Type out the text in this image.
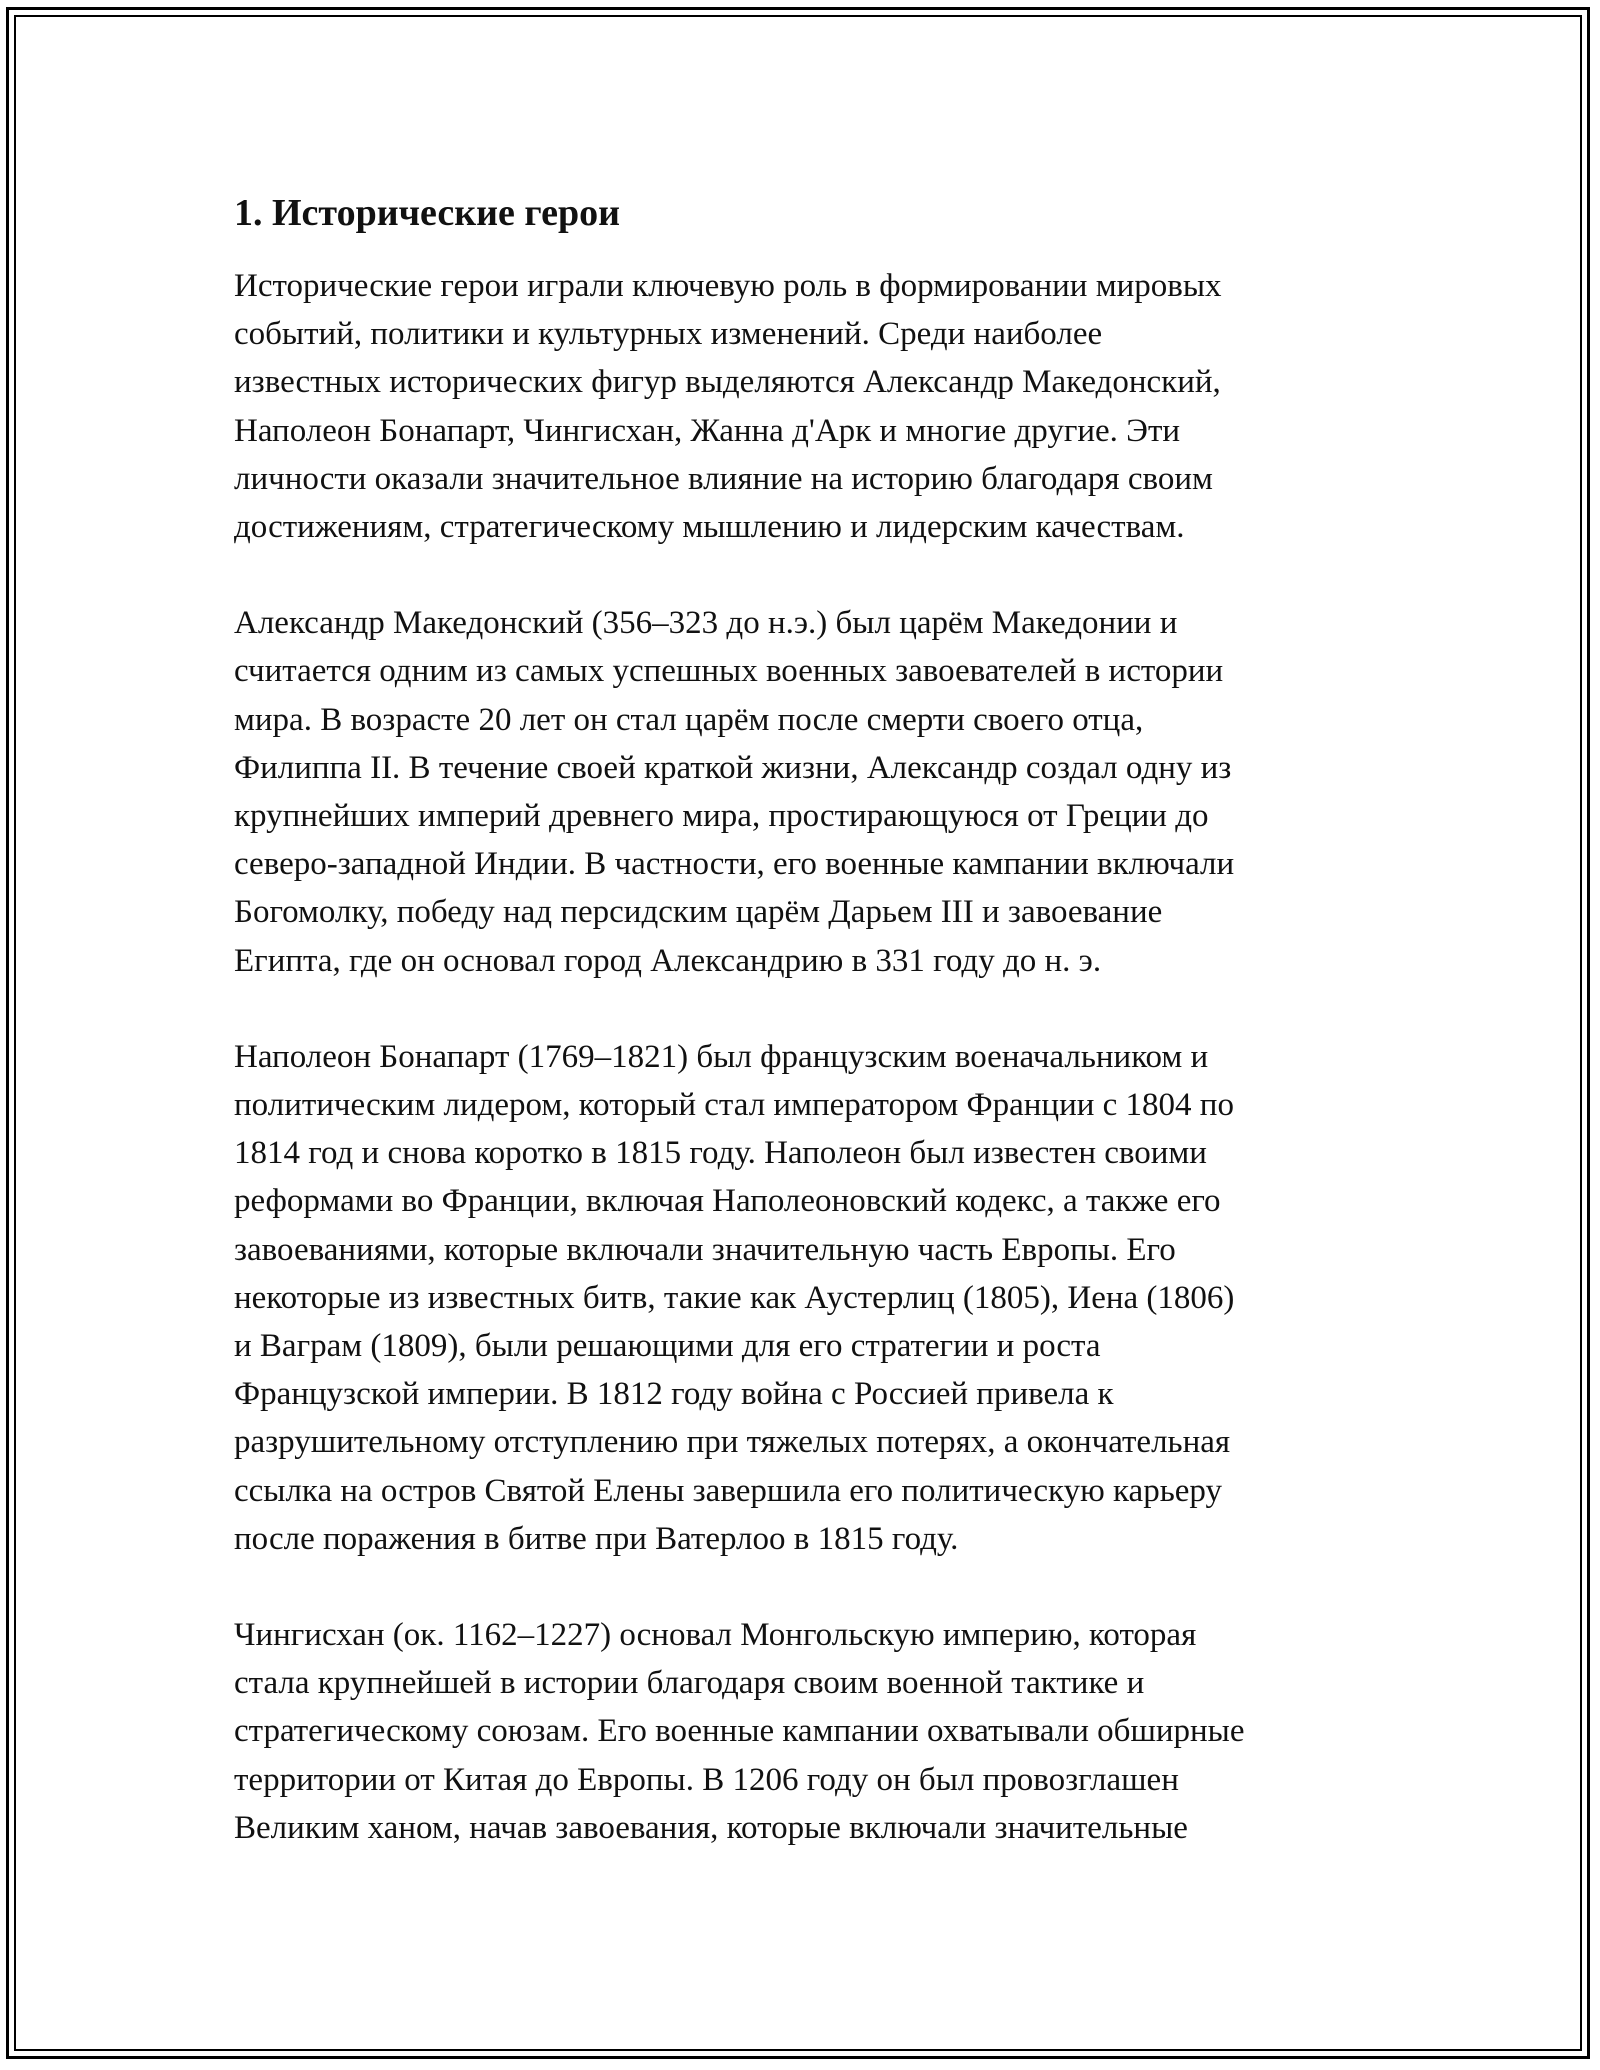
1. Исторические герои

Исторические герои играли ключевую роль в формировании мировых
событий, политики и культурных изменений. Среди наиболее
известных исторических фигур выделяются Александр Македонский,
Наполеон Бонапарт, Чингисхан, Жанна д'Арк и многие другие. Эти
личности оказали значительное влияние на историю благодаря своим
достижениям, стратегическому мышлению и лидерским качествам.

Александр Македонский (356–323 до н.э.) был царём Македонии и
считается одним из самых успешных военных завоевателей в истории
мира. В возрасте 20 лет он стал царём после смерти своего отца,
Филиппа II. В течение своей краткой жизни, Александр создал одну из
крупнейших империй древнего мира, простирающуюся от Греции до
северо-западной Индии. В частности, его военные кампании включали
Богомолку, победу над персидским царём Дарьем III и завоевание
Египта, где он основал город Александрию в 331 году до н. э.

Наполеон Бонапарт (1769–1821) был французским военачальником и
политическим лидером, который стал императором Франции с 1804 по
1814 год и снова коротко в 1815 году. Наполеон был известен своими
реформами во Франции, включая Наполеоновский кодекс, а также его
завоеваниями, которые включали значительную часть Европы. Его
некоторые из известных битв, такие как Аустерлиц (1805), Иена (1806)
и Ваграм (1809), были решающими для его стратегии и роста
Французской империи. В 1812 году война с Россией привела к
разрушительному отступлению при тяжелых потерях, а окончательная
ссылка на остров Святой Елены завершила его политическую карьеру
после поражения в битве при Ватерлоо в 1815 году.

Чингисхан (ок. 1162–1227) основал Монгольскую империю, которая
стала крупнейшей в истории благодаря своим военной тактике и
стратегическому союзам. Его военные кампании охватывали обширные
территории от Китая до Европы. В 1206 году он был провозглашен
Великим ханом, начав завоевания, которые включали значительные
